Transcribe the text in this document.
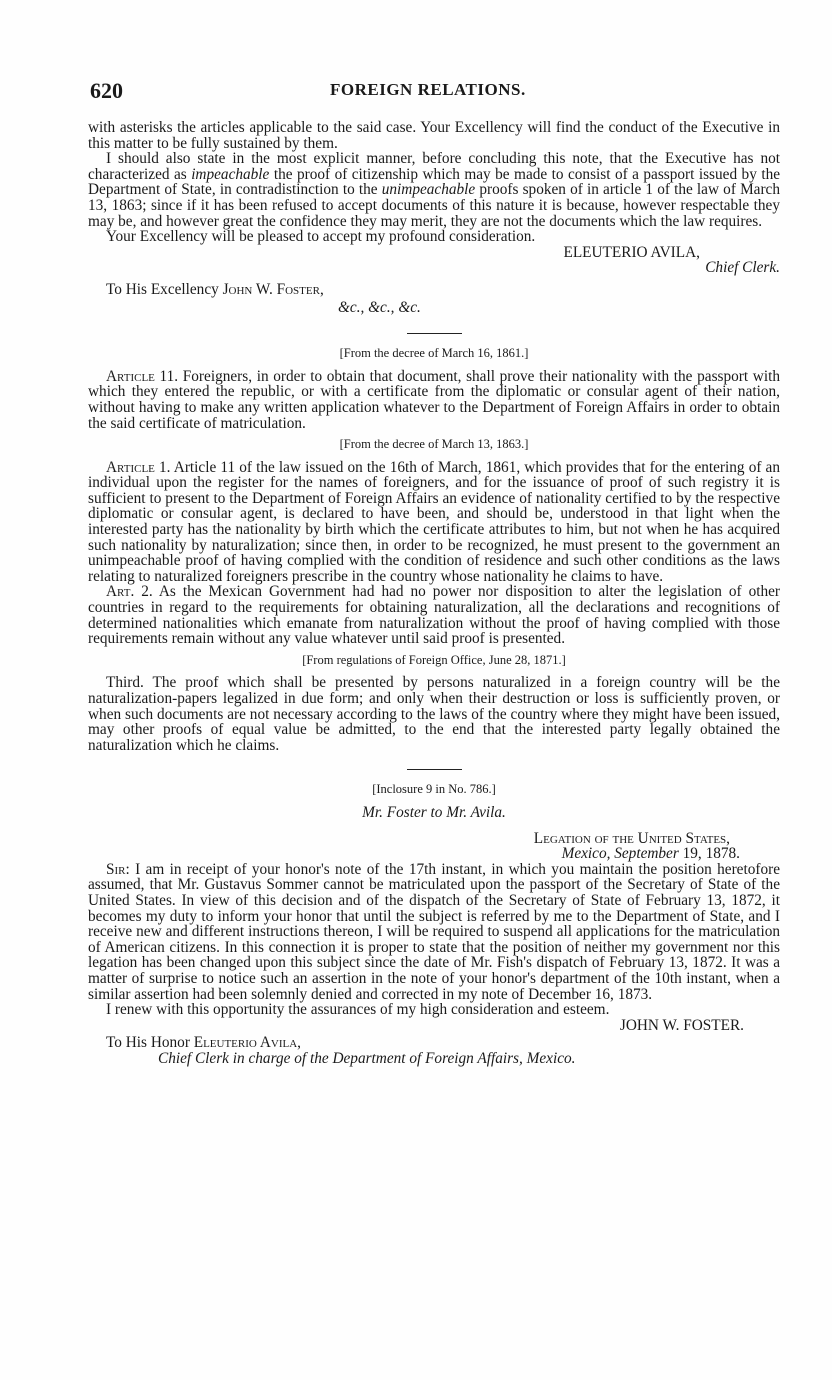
620	FOREIGN RELATIONS.

with asterisks the articles applicable to the said case. Your Excellency will find the conduct of the Executive in this matter to be fully sustained by them.

I should also state in the most explicit manner, before concluding this note, that the Executive has not characterized as impeachable the proof of citizenship which may be made to consist of a passport issued by the Department of State, in contradistinction to the unimpeachable proofs spoken of in article 1 of the law of March 13, 1863; since if it has been refused to accept documents of this nature it is because, however respectable they may be, and however great the confidence they may merit, they are not the documents which the law requires.

Your Excellency will be pleased to accept my profound consideration.

ELEUTERIO AVILA,

Chief Clerk.

To His Excellency John W. Foster,

&c., &c., &c.

[From the decree of March 16, 1861.]

Article 11. Foreigners, in order to obtain that document, shall prove their nationality with the passport with which they entered the republic, or with a certificate from the diplomatic or consular agent of their nation, without having to make any written application whatever to the Department of Foreign Affairs in order to obtain the said certificate of matriculation.

[From the decree of March 13, 1863.]

Article 1. Article 11 of the law issued on the 16th of March, 1861, which provides that for the entering of an individual upon the register for the names of foreigners, and for the issuance of proof of such registry it is sufficient to present to the Department of Foreign Affairs an evidence of nationality certified to by the respective diplomatic or consular agent, is declared to have been, and should be, understood in that light when the interested party has the nationality by birth which the certificate attributes to him, but not when he has acquired such nationality by naturalization; since then, in order to be recognized, he must present to the government an unimpeachable proof of having complied with the condition of residence and such other conditions as the laws relating to naturalized foreigners prescribe in the country whose nationality he claims to have.

Art. 2. As the Mexican Government had had no power nor disposition to alter the legislation of other countries in regard to the requirements for obtaining naturalization, all the declarations and recognitions of determined nationalities which emanate from naturalization without the proof of having complied with those requirements remain without any value whatever until said proof is presented.

[From regulations of Foreign Office, June 28, 1871.]

Third. The proof which shall be presented by persons naturalized in a foreign country will be the naturalization-papers legalized in due form; and only when their destruction or loss is sufficiently proven, or when such documents are not necessary according to the laws of the country where they might have been issued, may other proofs of equal value be admitted, to the end that the interested party legally obtained the naturalization which he claims.

[Inclosure 9 in No. 786.]

Mr. Foster to Mr. Avila.

Legation of the United States,

Mexico, September 19, 1878.

Sir: I am in receipt of your honor's note of the 17th instant, in which you maintain the position heretofore assumed, that Mr. Gustavus Sommer cannot be matriculated upon the passport of the Secretary of State of the United States. In view of this decision and of the dispatch of the Secretary of State of February 13, 1872, it becomes my duty to inform your honor that until the subject is referred by me to the Department of State, and I receive new and different instructions thereon, I will be required to suspend all applications for the matriculation of American citizens. In this connection it is proper to state that the position of neither my government nor this legation has been changed upon this subject since the date of Mr. Fish's dispatch of February 13, 1872. It was a matter of surprise to notice such an assertion in the note of your honor's department of the 10th instant, when a similar assertion had been solemnly denied and corrected in my note of December 16, 1873.

I renew with this opportunity the assurances of my high consideration and esteem.

JOHN W. FOSTER.

To His Honor Eleuterio Avila,

Chief Clerk in charge of the Department of Foreign Affairs, Mexico.
